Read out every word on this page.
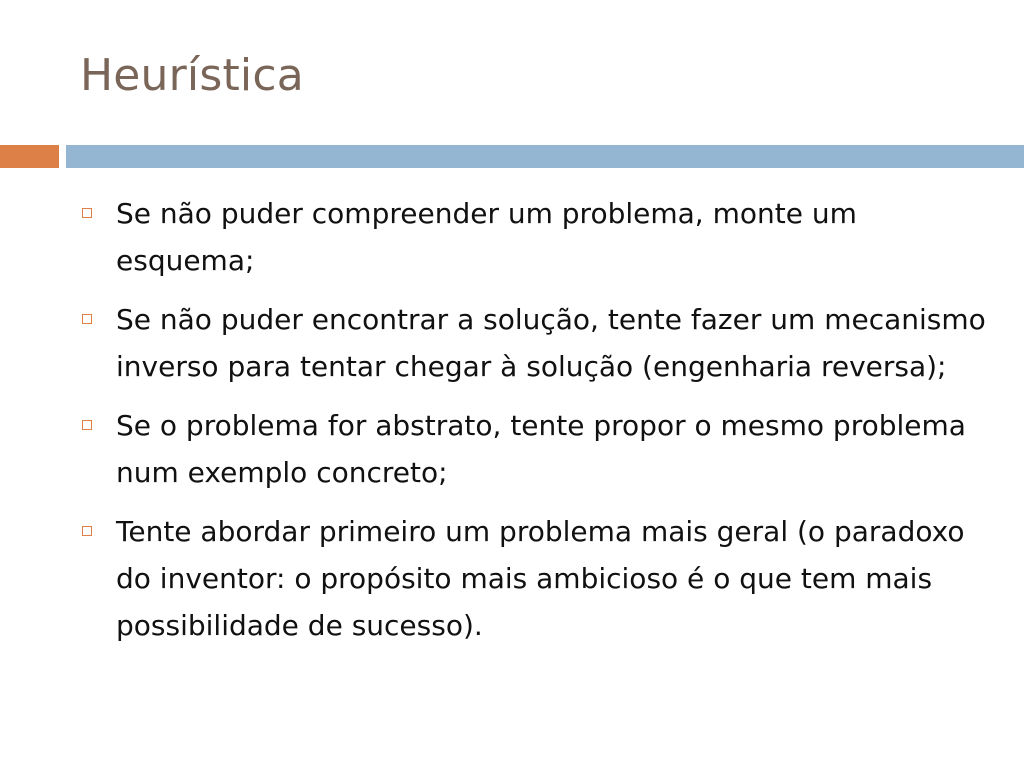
Heurística
Se não puder compreender um problema, monte um esquema;
Se não puder encontrar a solução, tente fazer um mecanismo inverso para tentar chegar à solução (engenharia reversa);
Se o problema for abstrato, tente propor o mesmo problema num exemplo concreto;
Tente abordar primeiro um problema mais geral (o paradoxo do inventor: o propósito mais ambicioso é o que tem mais possibilidade de sucesso).
